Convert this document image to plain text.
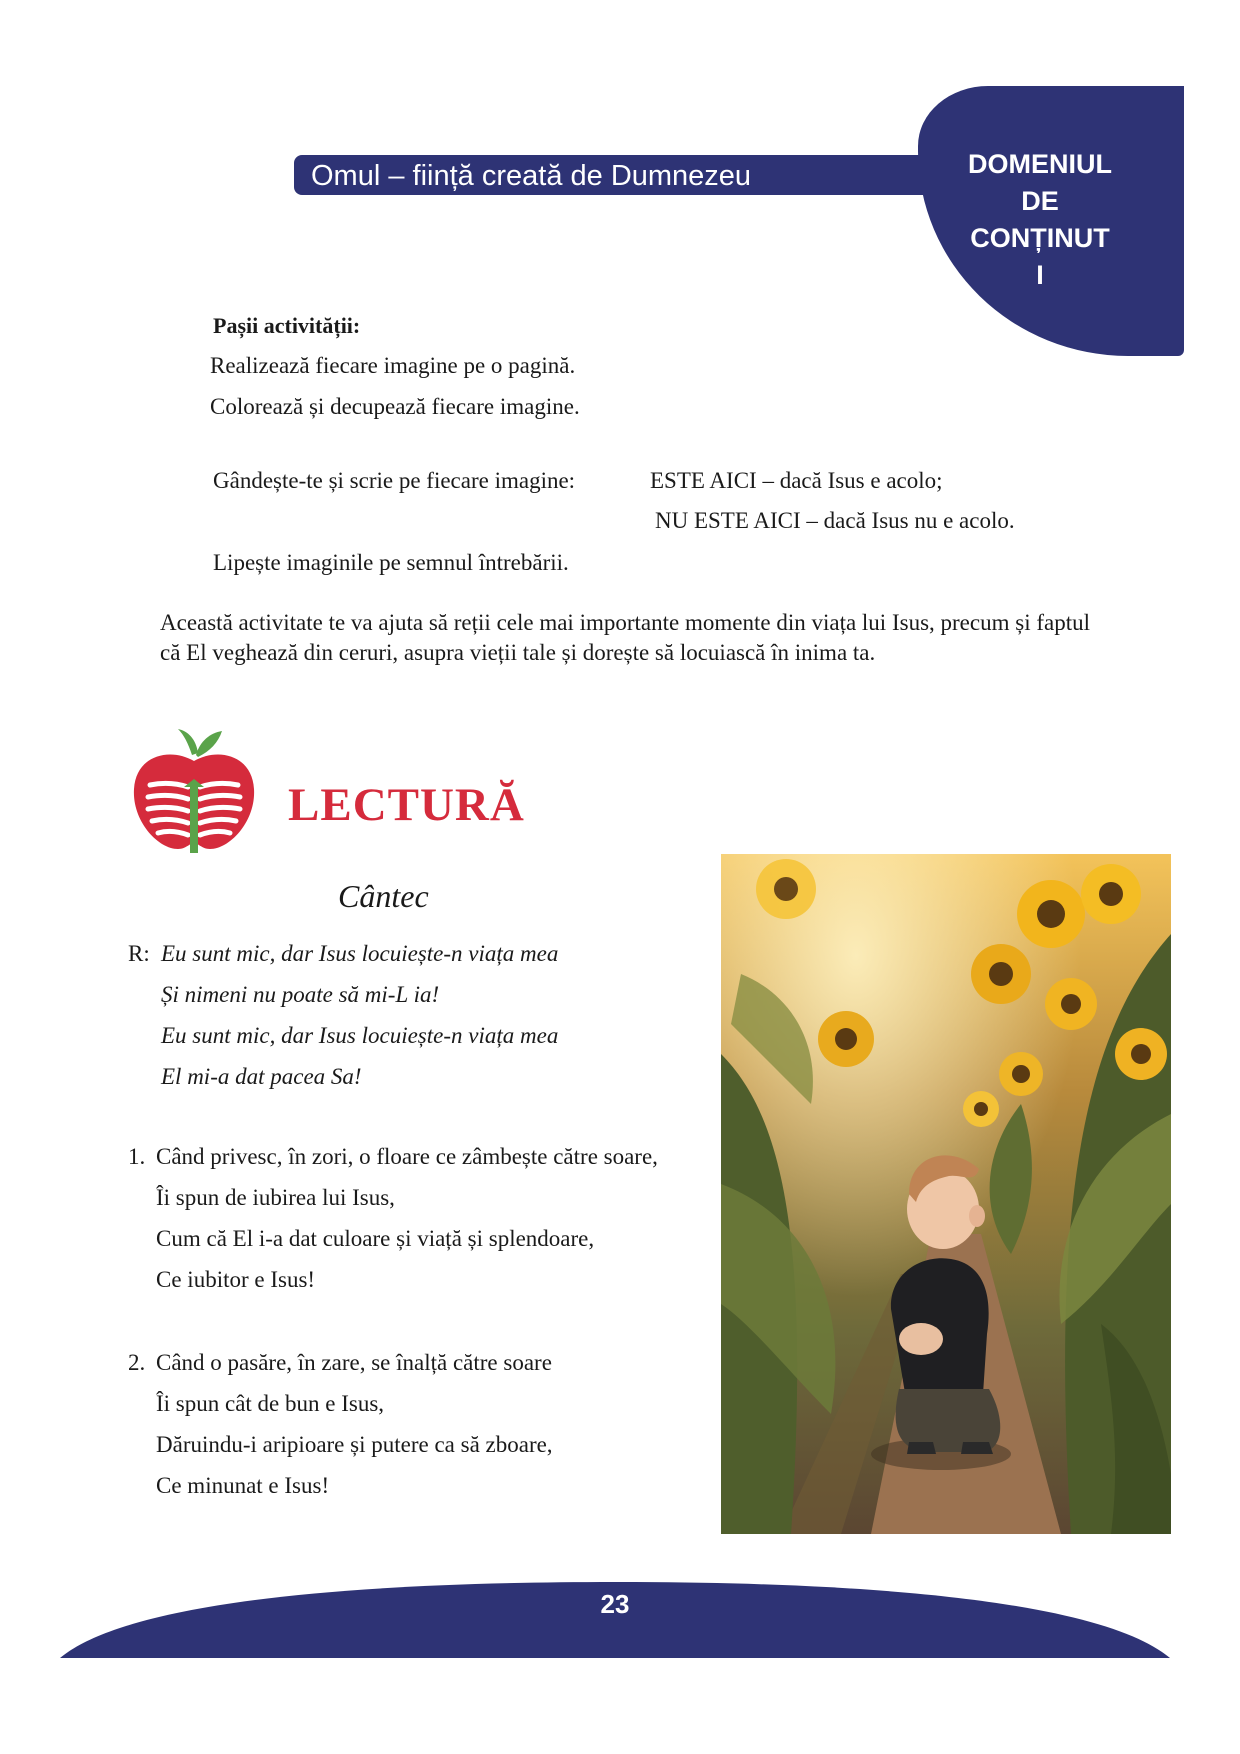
DOMENIUL
DE
CONȚINUT
I
Omul – ființă creată de Dumnezeu
Pașii activității:
Realizează fiecare imagine pe o pagină.
Colorează și decupează fiecare imagine.
Gândește-te și scrie pe fiecare imagine:	ESTE AICI – dacă Isus e acolo;
NU ESTE AICI – dacă Isus nu e acolo.
Lipește imaginile pe semnul întrebării.
Această activitate te va ajuta să reții cele mai importante momente din viața lui Isus, precum și faptul că El veghează din ceruri, asupra vieții tale și dorește să locuiască în inima ta.
LECTURĂ
Cântec
R: Eu sunt mic, dar Isus locuiește-n viața mea
Și nimeni nu poate să mi-L ia!
Eu sunt mic, dar Isus locuiește-n viața mea
El mi-a dat pacea Sa!
1. Când privesc, în zori, o floare ce zâmbește către soare,
Îi spun de iubirea lui Isus,
Cum că El i-a dat culoare și viață și splendoare,
Ce iubitor e Isus!
2. Când o pasăre, în zare, se înalță către soare
Îi spun cât de bun e Isus,
Dăruindu-i aripioare și putere ca să zboare,
Ce minunat e Isus!
23
